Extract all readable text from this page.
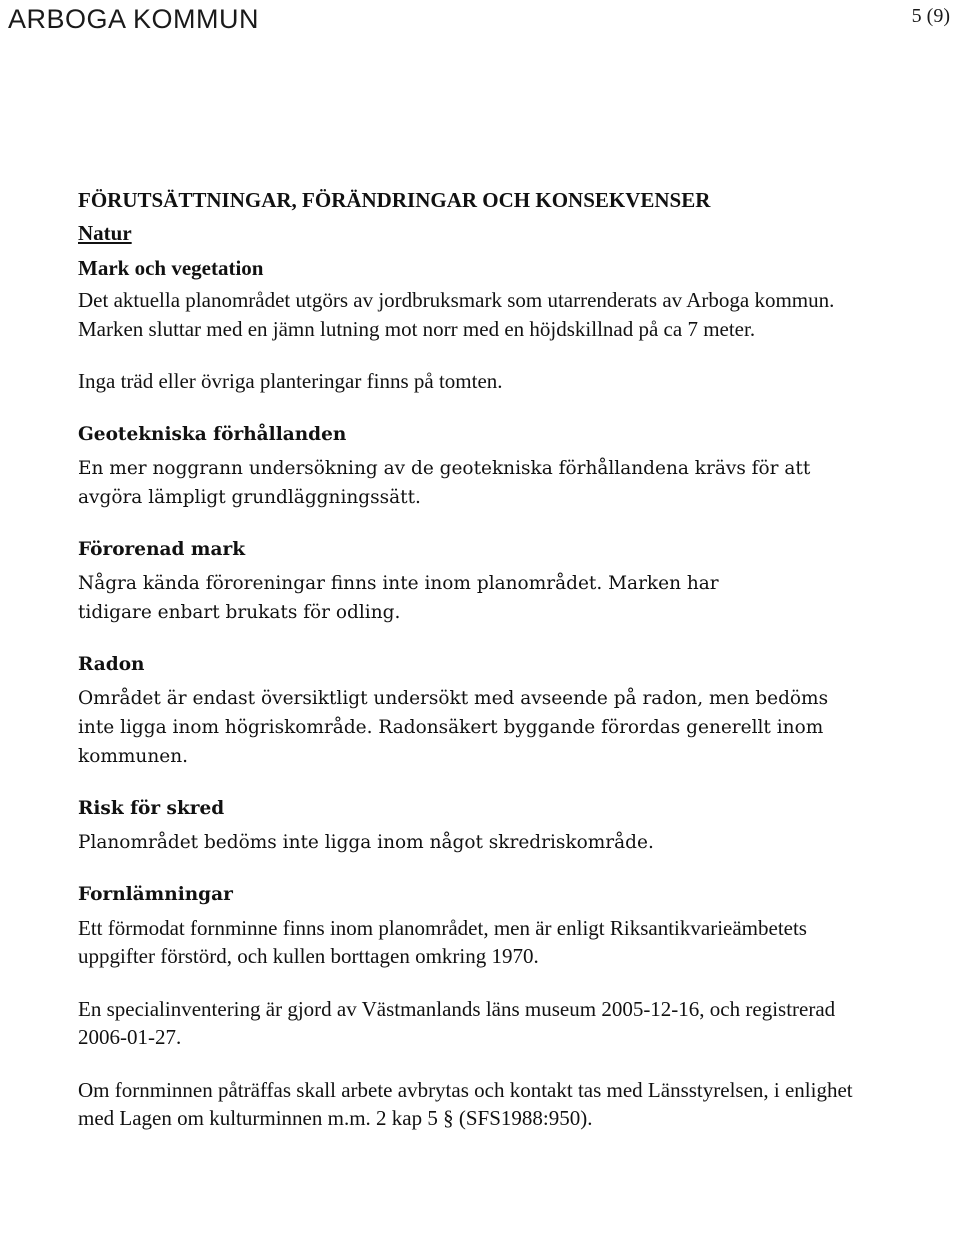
ARBOGA KOMMUN	5 (9)
FÖRUTSÄTTNINGAR, FÖRÄNDRINGAR OCH KONSEKVENSER
Natur
Mark och vegetation

Det aktuella planområdet utgörs av jordbruksmark som utarrenderats av Arboga kommun. Marken sluttar med en jämn lutning mot norr med en höjdskillnad på ca 7 meter.

Inga träd eller övriga planteringar finns på tomten.

Geotekniska förhållanden

En mer noggrann undersökning av de geotekniska förhållandena krävs för att avgöra lämpligt grundläggningssätt.

Förorenad mark

Några kända föroreningar finns inte inom planområdet. Marken har tidigare enbart brukats för odling.

Radon

Området är endast översiktligt undersökt med avseende på radon, men bedöms inte ligga inom högriskområde. Radonsäkert byggande förordas generellt inom kommunen.

Risk för skred

Planområdet bedöms inte ligga inom något skredriskområde.

Fornlämningar

Ett förmodat fornminne finns inom planområdet, men är enligt Riksantikvarieämbetets uppgifter förstörd, och kullen borttagen omkring 1970.

En specialinventering är gjord av Västmanlands läns museum 2005-12-16, och registrerad 2006-01-27.

Om fornminnen påträffas skall arbete avbrytas och kontakt tas med Länsstyrelsen, i enlighet med Lagen om kulturminnen m.m. 2 kap 5 § (SFS1988:950).
